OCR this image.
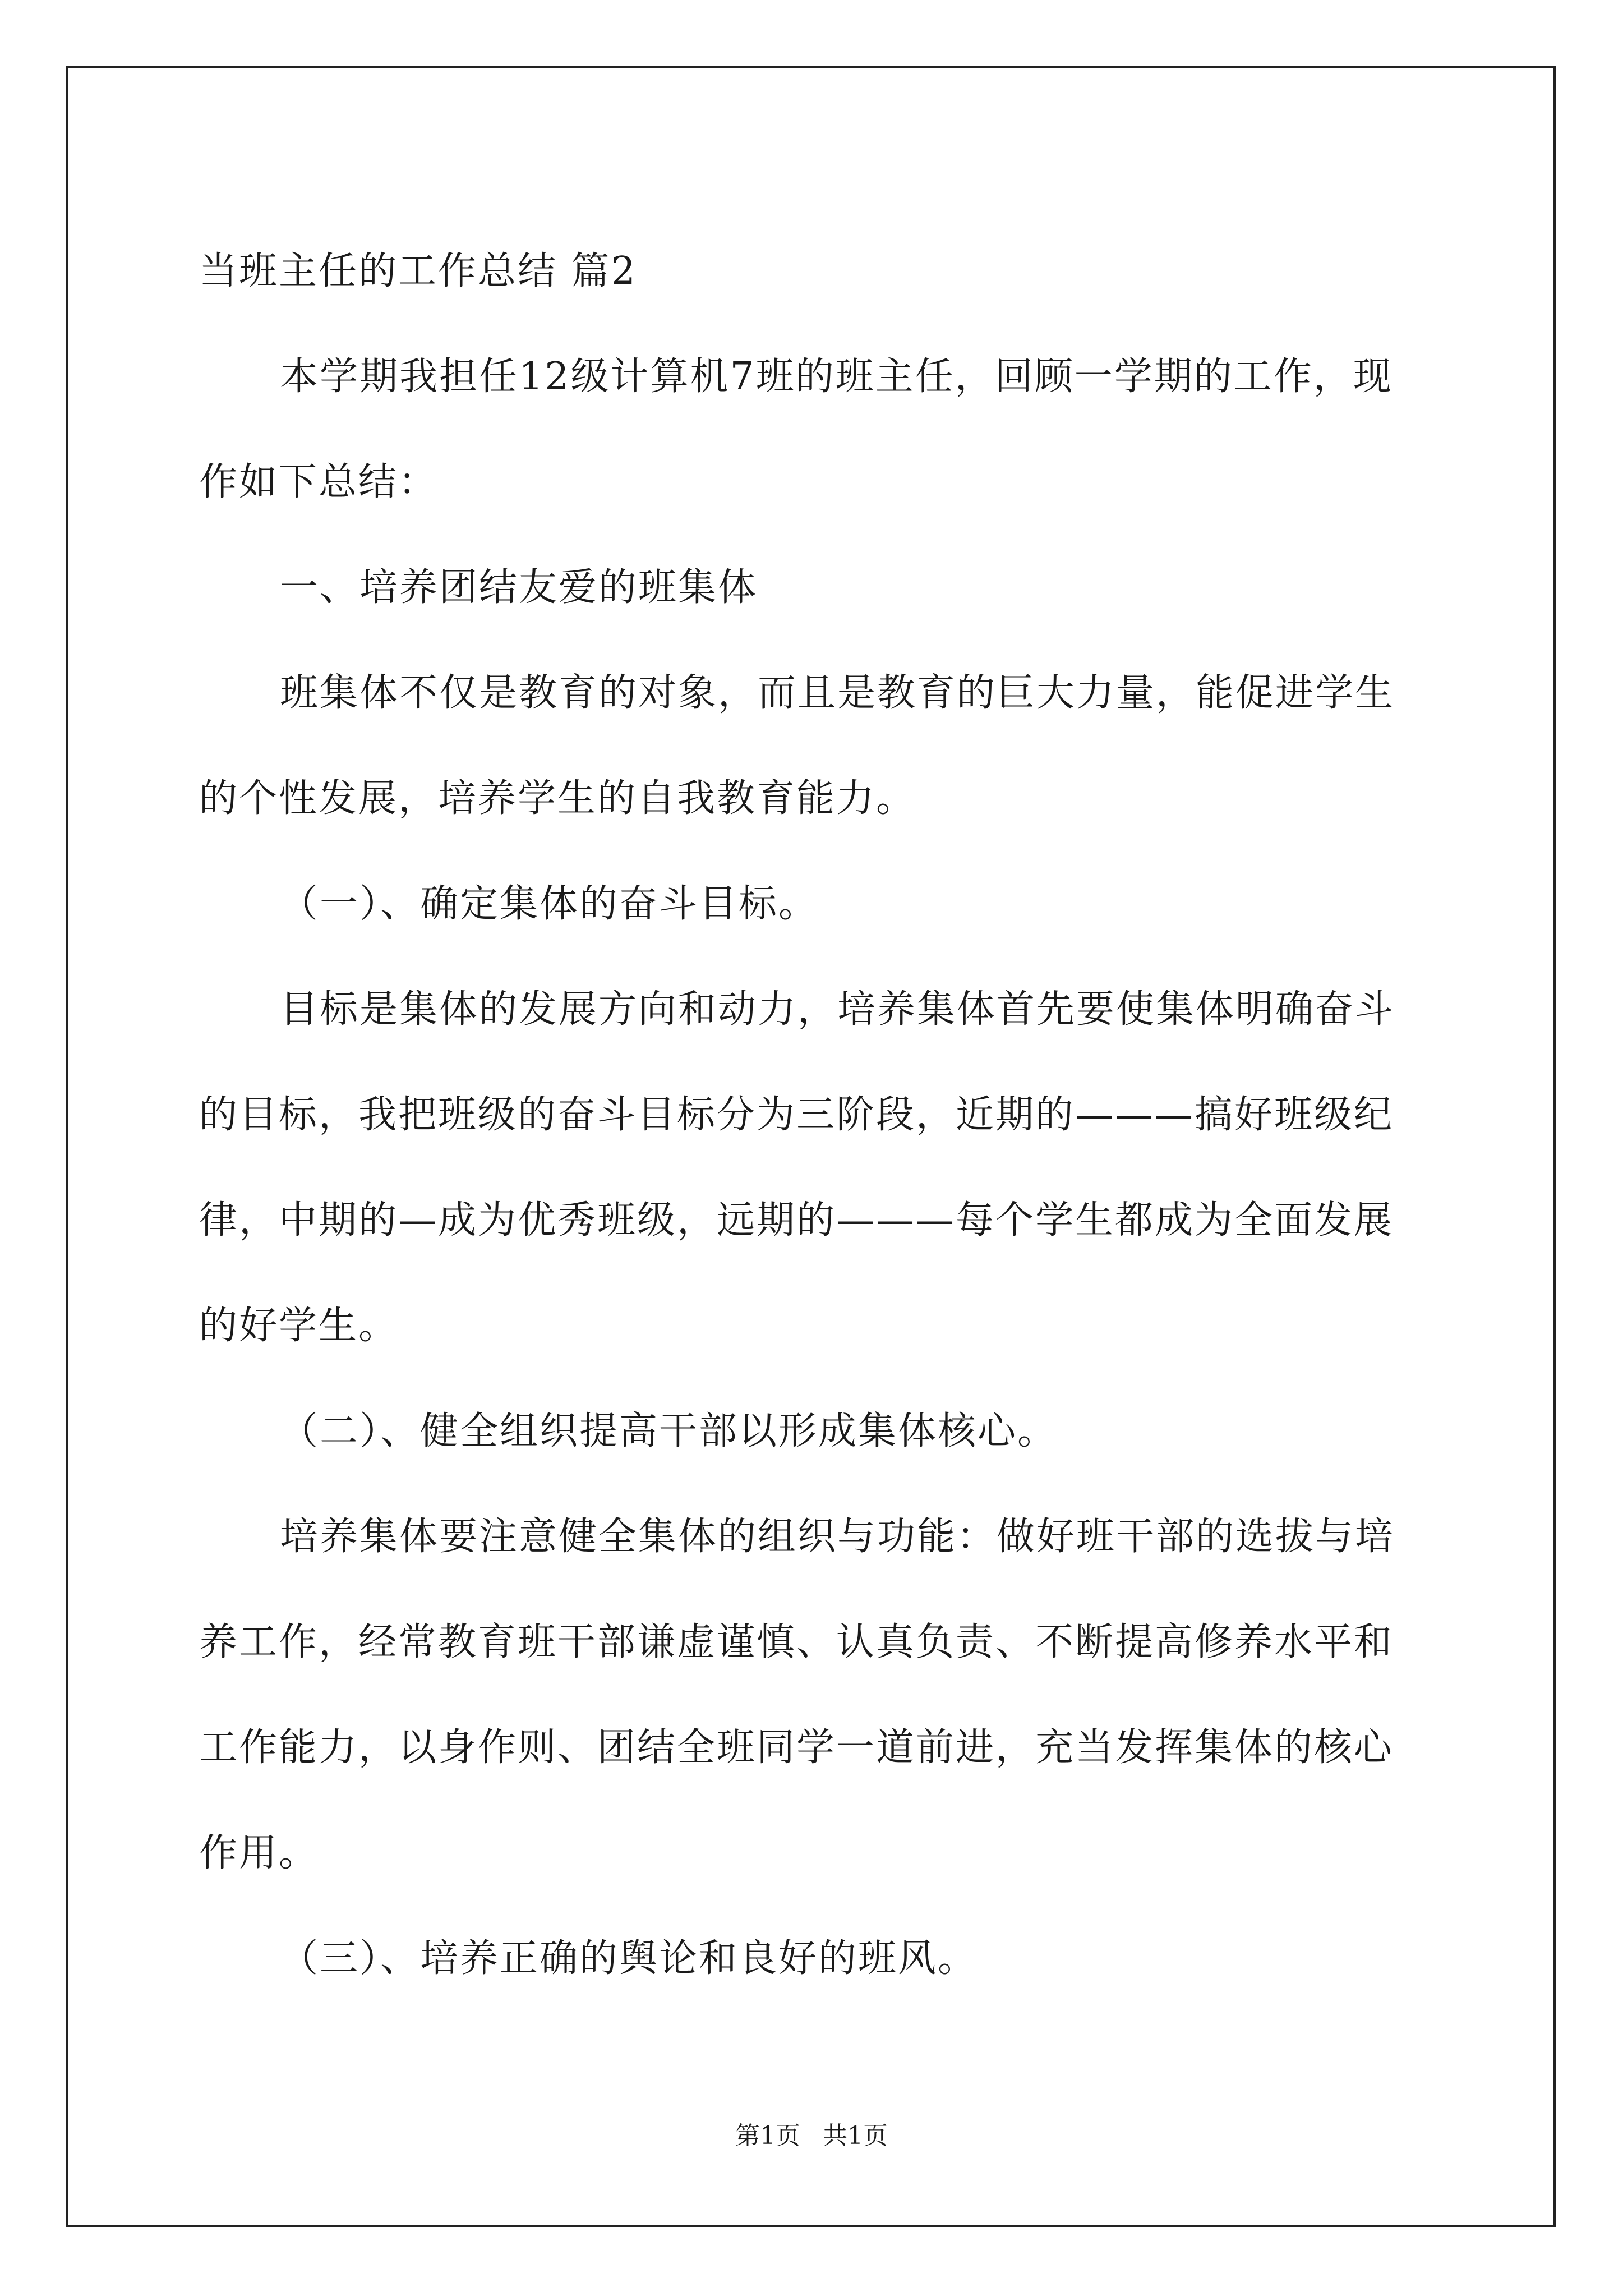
当班主任的工作总结 篇2

本学期我担任12级计算机7班的班主任，回顾一学期的工作，现作如下总结：

一、培养团结友爱的班集体

班集体不仅是教育的对象，而且是教育的巨大力量，能促进学生的个性发展，培养学生的自我教育能力。

（一）、确定集体的奋斗目标。

目标是集体的发展方向和动力，培养集体首先要使集体明确奋斗的目标，我把班级的奋斗目标分为三阶段，近期的———搞好班级纪律，中期的—成为优秀班级，远期的———每个学生都成为全面发展的好学生。

（二）、健全组织提高干部以形成集体核心。

培养集体要注意健全集体的组织与功能：做好班干部的选拔与培养工作，经常教育班干部谦虚谨慎、认真负责、不断提高修养水平和工作能力，以身作则、团结全班同学一道前进，充当发挥集体的核心作用。

（三）、培养正确的舆论和良好的班风。

第1页 共1页
